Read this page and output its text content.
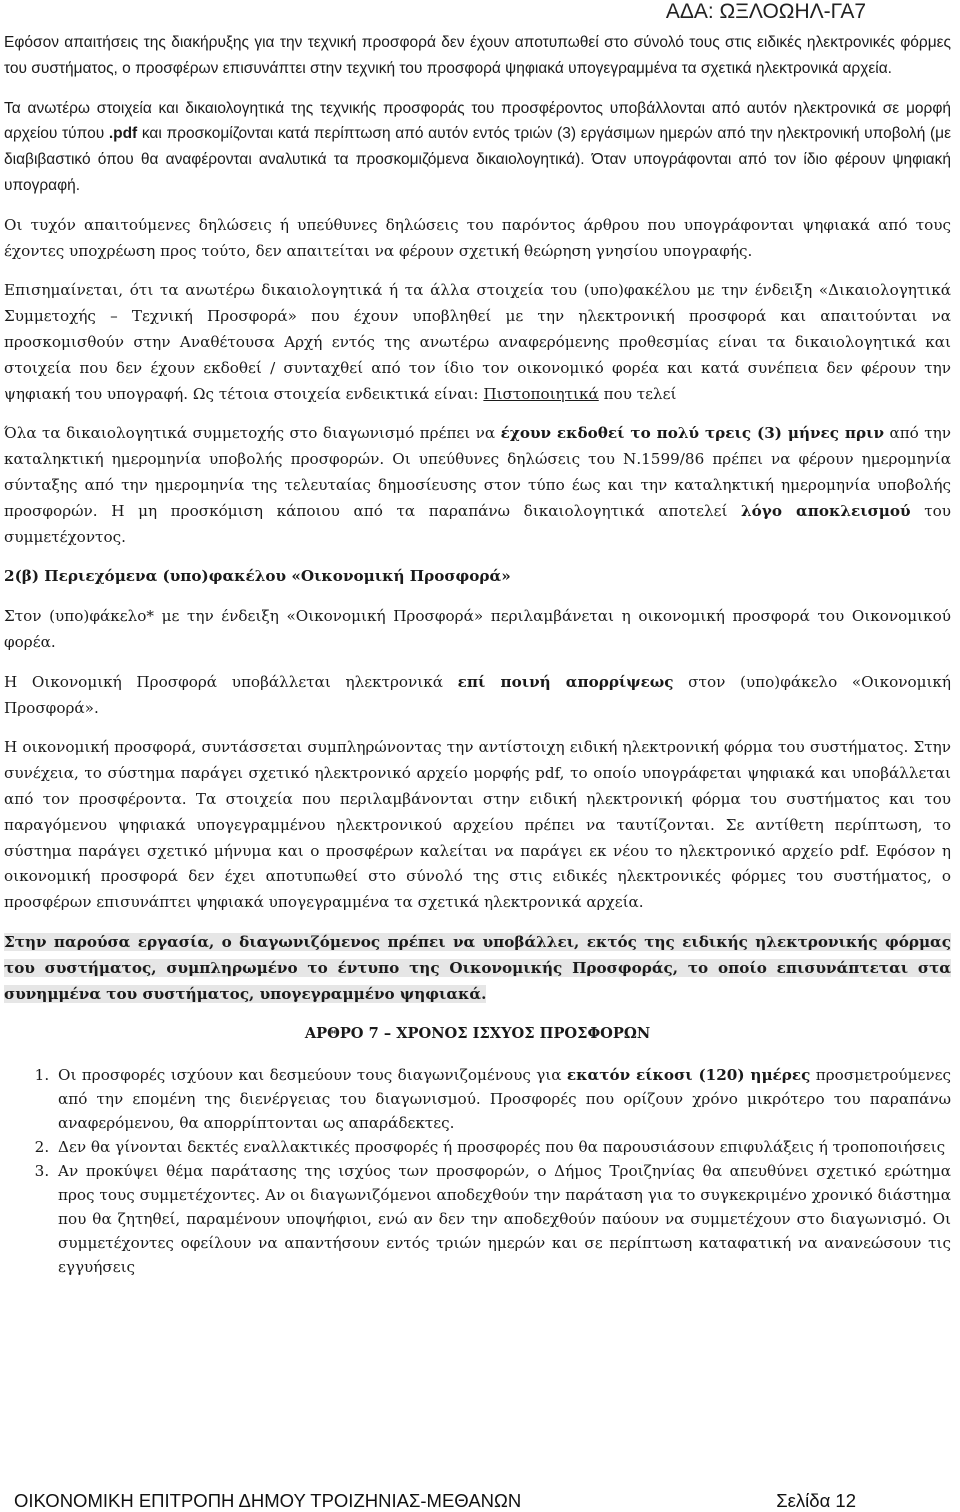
ΑΔΑ: ΩΞΛΟΩΗΛ-ΓΑ7

Εφόσον απαιτήσεις της διακήρυξης για την τεχνική προσφορά δεν έχουν αποτυπωθεί στο σύνολό τους στις ειδικές ηλεκτρονικές φόρμες του συστήματος, ο προσφέρων επισυνάπτει στην τεχνική του προσφορά ψηφιακά υπογεγραμμένα τα σχετικά ηλεκτρονικά αρχεία.

Τα ανωτέρω στοιχεία και δικαιολογητικά της τεχνικής προσφοράς του προσφέροντος υποβάλλονται από αυτόν ηλεκτρονικά σε μορφή αρχείου τύπου .pdf και προσκομίζονται κατά περίπτωση από αυτόν εντός τριών (3) εργάσιμων ημερών από την ηλεκτρονική υποβολή (με διαβιβαστικό όπου θα αναφέρονται αναλυτικά τα προσκομιζόμενα δικαιολογητικά). Όταν υπογράφονται από τον ίδιο φέρουν ψηφιακή υπογραφή.

Οι τυχόν απαιτούμενες δηλώσεις ή υπεύθυνες δηλώσεις του παρόντος άρθρου που υπογράφονται ψηφιακά από τους έχοντες υποχρέωση προς τούτο, δεν απαιτείται να φέρουν σχετική θεώρηση γνησίου υπογραφής.

Επισημαίνεται, ότι τα ανωτέρω δικαιολογητικά ή τα άλλα στοιχεία του (υπο)φακέλου με την ένδειξη «Δικαιολογητικά Συμμετοχής – Τεχνική Προσφορά» που έχουν υποβληθεί με την ηλεκτρονική προσφορά και απαιτούνται να προσκομισθούν στην Αναθέτουσα Αρχή εντός της ανωτέρω αναφερόμενης προθεσμίας είναι τα δικαιολογητικά και στοιχεία που δεν έχουν εκδοθεί / συνταχθεί από τον ίδιο τον οικονομικό φορέα και κατά συνέπεια δεν φέρουν την ψηφιακή του υπογραφή. Ως τέτοια στοιχεία ενδεικτικά είναι: Πιστοποιητικά που τελεί

Όλα τα δικαιολογητικά συμμετοχής στο διαγωνισμό πρέπει να έχουν εκδοθεί το πολύ τρεις (3) μήνες πριν από την καταληκτική ημερομηνία υποβολής προσφορών. Οι υπεύθυνες δηλώσεις του Ν.1599/86 πρέπει να φέρουν ημερομηνία σύνταξης από την ημερομηνία της τελευταίας δημοσίευσης στον τύπο έως και την καταληκτική ημερομηνία υποβολής προσφορών. Η μη προσκόμιση κάποιου από τα παραπάνω δικαιολογητικά αποτελεί λόγο αποκλεισμού του συμμετέχοντος.

2(β) Περιεχόμενα (υπο)φακέλου «Οικονομική Προσφορά»

Στον (υπο)φάκελο* με την ένδειξη «Οικονομική Προσφορά» περιλαμβάνεται η οικονομική προσφορά του Οικονομικού φορέα.

Η Οικονομική Προσφορά υποβάλλεται ηλεκτρονικά επί ποινή απορρίψεως στον (υπο)φάκελο «Οικονομική Προσφορά».

Η οικονομική προσφορά, συντάσσεται συμπληρώνοντας την αντίστοιχη ειδική ηλεκτρονική φόρμα του συστήματος. Στην συνέχεια, το σύστημα παράγει σχετικό ηλεκτρονικό αρχείο μορφής pdf, το οποίο υπογράφεται ψηφιακά και υποβάλλεται από τον προσφέροντα. Τα στοιχεία που περιλαμβάνονται στην ειδική ηλεκτρονική φόρμα του συστήματος και του παραγόμενου ψηφιακά υπογεγραμμένου ηλεκτρονικού αρχείου πρέπει να ταυτίζονται. Σε αντίθετη περίπτωση, το σύστημα παράγει σχετικό μήνυμα και ο προσφέρων καλείται να παράγει εκ νέου το ηλεκτρονικό αρχείο pdf. Εφόσον η οικονομική προσφορά δεν έχει αποτυπωθεί στο σύνολό της στις ειδικές ηλεκτρονικές φόρμες του συστήματος, ο προσφέρων επισυνάπτει ψηφιακά υπογεγραμμένα τα σχετικά ηλεκτρονικά αρχεία.

Στην παρούσα εργασία, ο διαγωνιζόμενος πρέπει να υποβάλλει, εκτός της ειδικής ηλεκτρονικής φόρμας του συστήματος, συμπληρωμένο το έντυπο της Οικονομικής Προσφοράς, το οποίο επισυνάπτεται στα συνημμένα του συστήματος, υπογεγραμμένο ψηφιακά.

ΑΡΘΡΟ 7 – ΧΡΟΝΟΣ ΙΣΧΥΟΣ ΠΡΟΣΦΟΡΩΝ
1. Οι προσφορές ισχύουν και δεσμεύουν τους διαγωνιζομένους για εκατόν είκοσι (120) ημέρες προσμετρούμενες από την επομένη της διενέργειας του διαγωνισμού. Προσφορές που ορίζουν χρόνο μικρότερο του παραπάνω αναφερόμενου, θα απορρίπτονται ως απαράδεκτες.
2. Δεν θα γίνονται δεκτές εναλλακτικές προσφορές ή προσφορές που θα παρουσιάσουν επιφυλάξεις ή τροποποιήσεις
3. Αν προκύψει θέμα παράτασης της ισχύος των προσφορών, ο Δήμος Τροιζηνίας θα απευθύνει σχετικό ερώτημα προς τους συμμετέχοντες. Αν οι διαγωνιζόμενοι αποδεχθούν την παράταση για το συγκεκριμένο χρονικό διάστημα που θα ζητηθεί, παραμένουν υποψήφιοι, ενώ αν δεν την αποδεχθούν παύουν να συμμετέχουν στο διαγωνισμό. Οι συμμετέχοντες οφείλουν να απαντήσουν εντός τριών ημερών και σε περίπτωση καταφατική να ανανεώσουν τις εγγυήσεις
ΟΙΚΟΝΟΜΙΚΗ ΕΠΙΤΡΟΠΗ ΔΗΜΟΥ ΤΡΟΙΖΗΝΙΑΣ-ΜΕΘΑΝΩΝ	Σελίδα 12
